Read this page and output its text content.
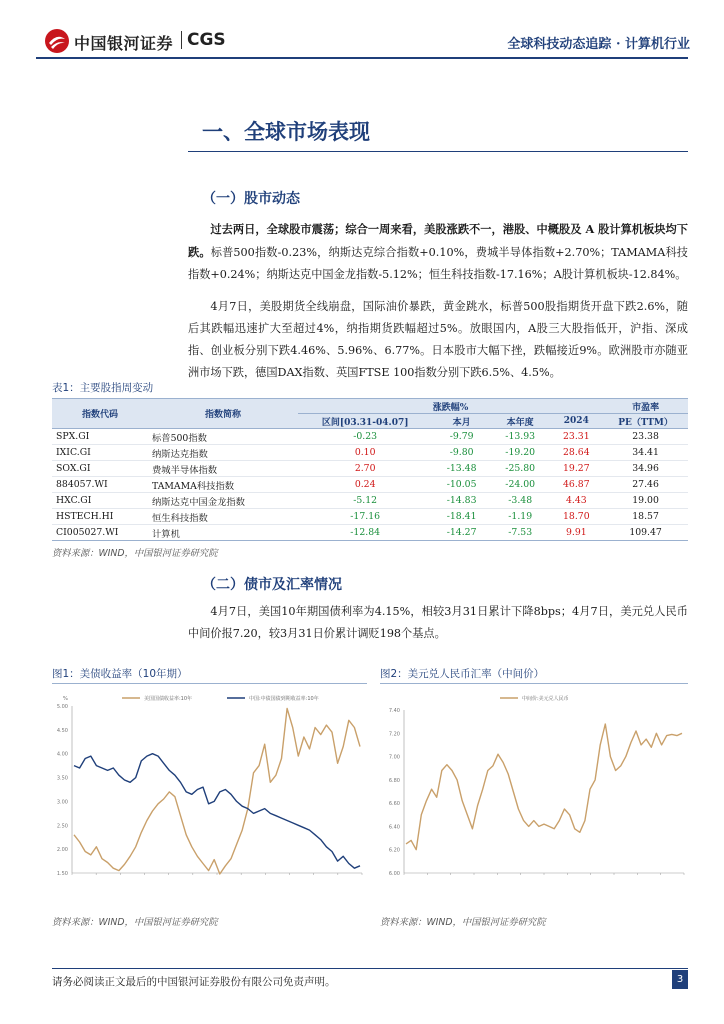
中国银河证券 CGS	全球科技动态追踪 · 计算机行业
一、全球市场表现
（一）股市动态
  过去两日，全球股市震荡；综合一周来看，美股涨跌不一，港股、中概股及 A 股计算机板块均下跌。标普500指数-0.23%，纳斯达克综合指数+0.10%，费城半导体指数+2.70%；TAMAMA科技指数+0.24%；纳斯达克中国金龙指数-5.12%；恒生科技指数-17.16%；A股计算机板块-12.84%。
  4月7日，美股期货全线崩盘，国际油价暴跌，黄金跳水，标普500股指期货开盘下跌2.6%，随后其跌幅迅速扩大至超过4%，纳指期货跌幅超过5%。放眼国内，A股三大股指低开，沪指、深成指、创业板分别下跌4.46%、5.96%、6.77%。日本股市大幅下挫，跌幅接近9%。欧洲股市亦随亚洲市场下跌，德国DAX指数、英国FTSE 100指数分别下跌6.5%、4.5%。
表1：主要股指周变动
指数代码	指数简称	涨跌幅%				市盈率
		区间[03.31-04.07]	本月	本年度	2024	PE（TTM）
SPX.GI	标普500指数	-0.23	-9.79	-13.93	23.31	23.38
IXIC.GI	纳斯达克指数	0.10	-9.80	-19.20	28.64	34.41
SOX.GI	费城半导体指数	2.70	-13.48	-25.80	19.27	34.96
884057.WI	TAMAMA科技指数	0.24	-10.05	-24.00	46.87	27.46
HXC.GI	纳斯达克中国金龙指数	-5.12	-14.83	-3.48	4.43	19.00
HSTECH.HI	恒生科技指数	-17.16	-18.41	-1.19	18.70	18.57
CI005027.WI	计算机	-12.84	-14.27	-7.53	9.91	109.47
资料来源：WIND，中国银河证券研究院
（二）债市及汇率情况
  4月7日，美国10年期国债利率为4.15%，相较3月31日累计下降8bps；4月7日，美元兑人民币中间价报7.20，较3月31日价累计调贬198个基点。
图1：美债收益率（10年期）	图2：美元兑人民币汇率（中间价）
1.50
2.00
2.50
3.00
3.50
4.00
4.50
5.00
%	美国国债收益率:10年	中国:中债国债到期收益率:10年
6.00
6.20
6.40
6.60
6.80
7.00
7.20
7.40
中间价:美元兑人民币
资料来源：WIND，中国银河证券研究院	资料来源：WIND，中国银河证券研究院
请务必阅读正文最后的中国银河证券股份有限公司免责声明。	3
